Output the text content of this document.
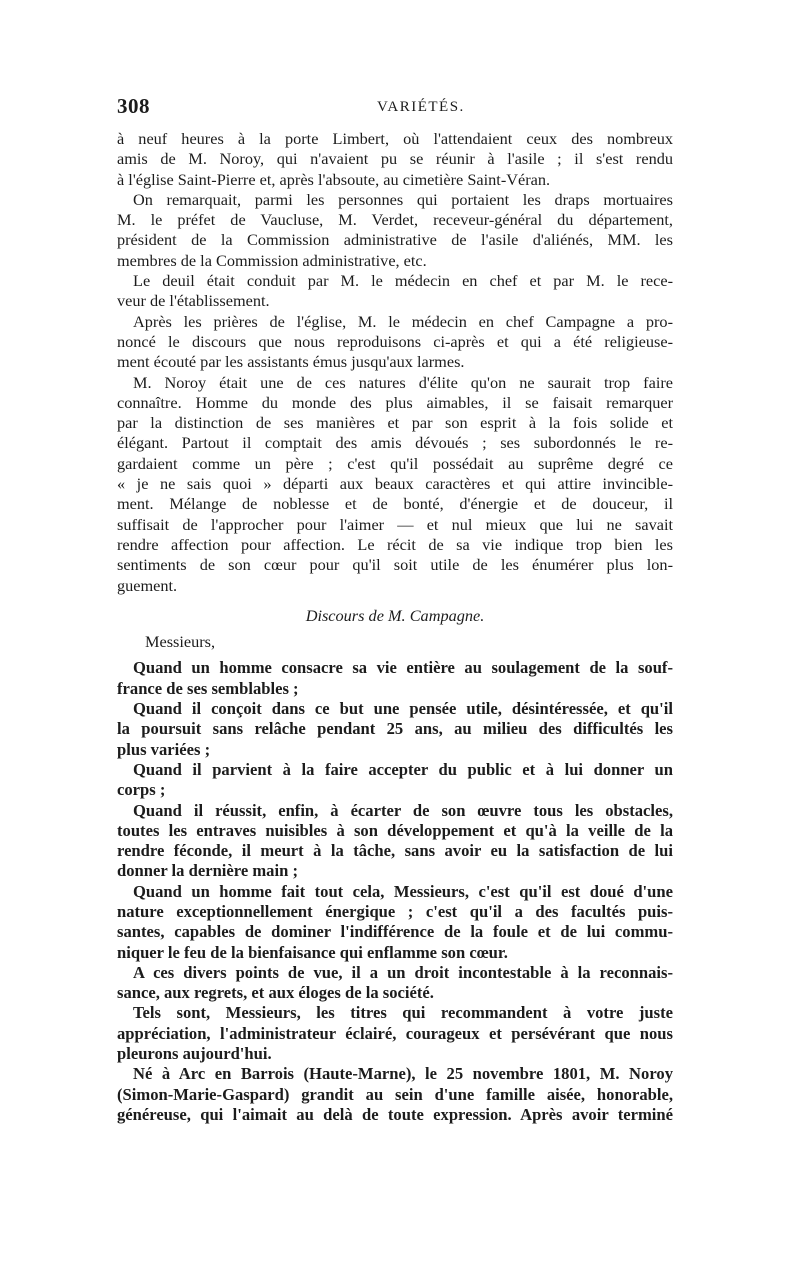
308	VARIÉTÉS.
à neuf heures à la porte Limbert, où l'attendaient ceux des nombreux
amis de M. Noroy, qui n'avaient pu se réunir à l'asile ; il s'est rendu
à l'église Saint-Pierre et, après l'absoute, au cimetière Saint-Véran.
On remarquait, parmi les personnes qui portaient les draps mortuaires
M. le préfet de Vaucluse, M. Verdet, receveur-général du département,
président de la Commission administrative de l'asile d'aliénés, MM. les
membres de la Commission administrative, etc.
Le deuil était conduit par M. le médecin en chef et par M. le rece-
veur de l'établissement.
Après les prières de l'église, M. le médecin en chef Campagne a pro-
noncé le discours que nous reproduisons ci-après et qui a été religieuse-
ment écouté par les assistants émus jusqu'aux larmes.
M. Noroy était une de ces natures d'élite qu'on ne saurait trop faire
connaître. Homme du monde des plus aimables, il se faisait remarquer
par la distinction de ses manières et par son esprit à la fois solide et
élégant. Partout il comptait des amis dévoués ; ses subordonnés le re-
gardaient comme un père ; c'est qu'il possédait au suprême degré ce
« je ne sais quoi » départi aux beaux caractères et qui attire invincible-
ment. Mélange de noblesse et de bonté, d'énergie et de douceur, il
suffisait de l'approcher pour l'aimer — et nul mieux que lui ne savait
rendre affection pour affection. Le récit de sa vie indique trop bien les
sentiments de son cœur pour qu'il soit utile de les énumérer plus lon-
guement.
Discours de M. Campagne.
Messieurs,
Quand un homme consacre sa vie entière au soulagement de la souf-
france de ses semblables ;
Quand il conçoit dans ce but une pensée utile, désintéressée, et qu'il
la poursuit sans relâche pendant 25 ans, au milieu des difficultés les
plus variées ;
Quand il parvient à la faire accepter du public et à lui donner un
corps ;
Quand il réussit, enfin, à écarter de son œuvre tous les obstacles,
toutes les entraves nuisibles à son développement et qu'à la veille de la
rendre féconde, il meurt à la tâche, sans avoir eu la satisfaction de lui
donner la dernière main ;
Quand un homme fait tout cela, Messieurs, c'est qu'il est doué d'une
nature exceptionnellement énergique ; c'est qu'il a des facultés puis-
santes, capables de dominer l'indifférence de la foule et de lui commu-
niquer le feu de la bienfaisance qui enflamme son cœur.
A ces divers points de vue, il a un droit incontestable à la reconnais-
sance, aux regrets, et aux éloges de la société.
Tels sont, Messieurs, les titres qui recommandent à votre juste
appréciation, l'administrateur éclairé, courageux et persévérant que nous
pleurons aujourd'hui.
Né à Arc en Barrois (Haute-Marne), le 25 novembre 1801, M. Noroy
(Simon-Marie-Gaspard) grandit au sein d'une famille aisée, honorable,
généreuse, qui l'aimait au delà de toute expression. Après avoir terminé
